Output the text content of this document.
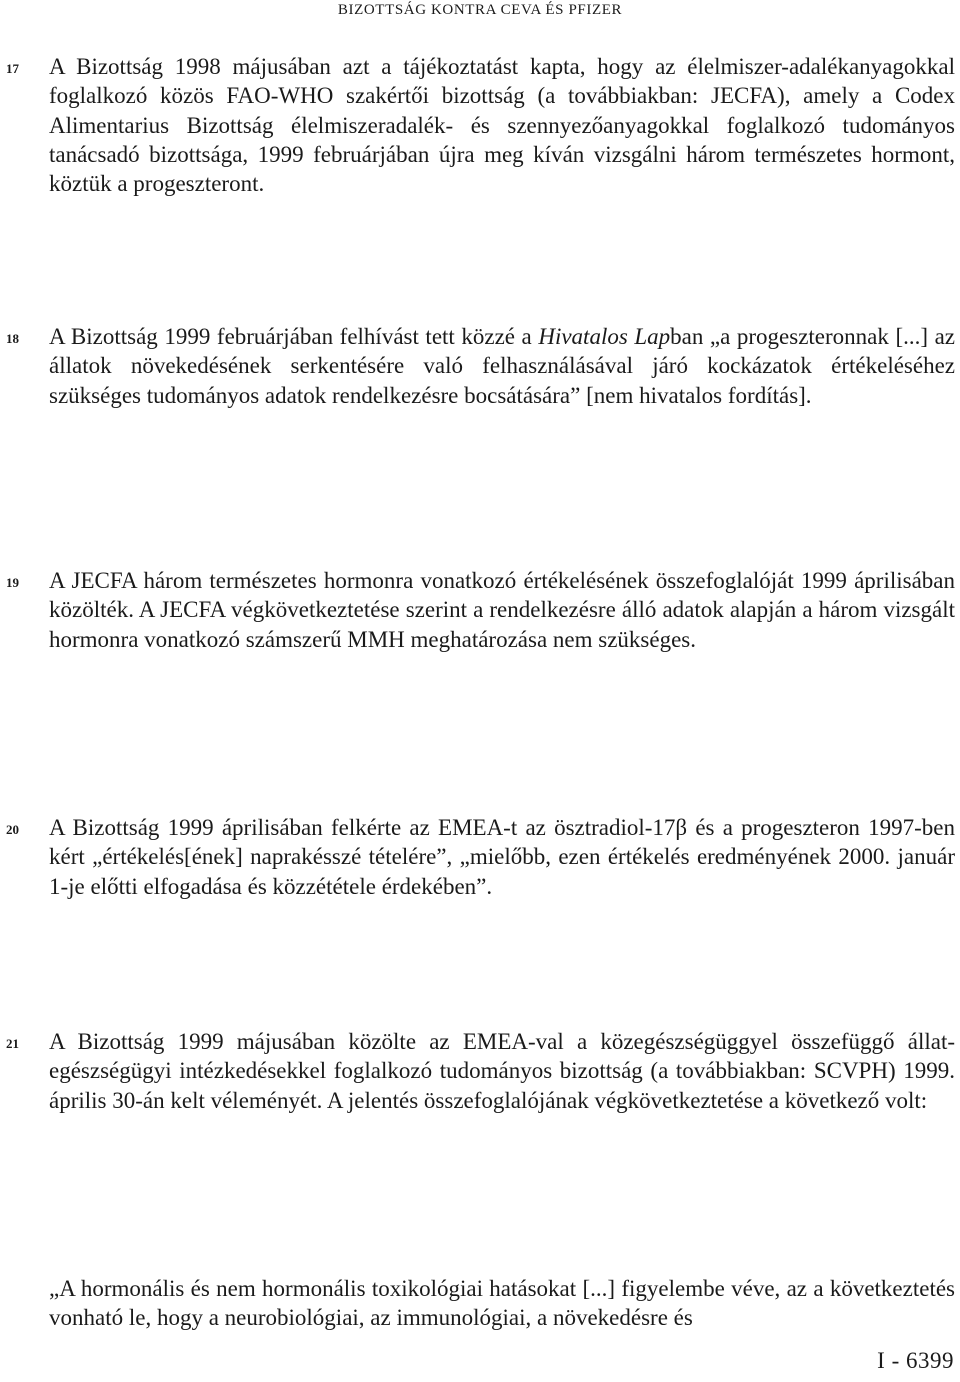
BIZOTTSÁG KONTRA CEVA ÉS PFIZER
17 A Bizottság 1998 májusában azt a tájékoztatást kapta, hogy az élelmiszer-adalékanyagokkal foglalkozó közös FAO-WHO szakértői bizottság (a továbbiakban: JECFA), amely a Codex Alimentarius Bizottság élelmiszeradalék- és szennyezőanyagokkal foglalkozó tudományos tanácsadó bizottsága, 1999 februárjában újra meg kíván vizsgálni három természetes hormont, köztük a progeszteront.
18 A Bizottság 1999 februárjában felhívást tett közzé a Hivatalos Lapban „a progeszteronnak [...] az állatok növekedésének serkentésére való felhasználásával járó kockázatok értékeléséhez szükséges tudományos adatok rendelkezésre bocsátására” [nem hivatalos fordítás].
19 A JECFA három természetes hormonra vonatkozó értékelésének összefoglalóját 1999 áprilisában közölték. A JECFA végkövetkeztetése szerint a rendelkezésre álló adatok alapján a három vizsgált hormonra vonatkozó számszerű MMH meghatározása nem szükséges.
20 A Bizottság 1999 áprilisában felkérte az EMEA-t az ösztradiol-17β és a progeszteron 1997-ben kért „értékelés[ének] naprakésszé tételére”, „mielőbb, ezen értékelés eredményének 2000. január 1-je előtti elfogadása és közzététele érdekében”.
21 A Bizottság 1999 májusában közölte az EMEA-val a közegészségüggyel összefüggő állat-egészségügyi intézkedésekkel foglalkozó tudományos bizottság (a továbbiakban: SCVPH) 1999. április 30-án kelt véleményét. A jelentés összefoglalójának végkövetkeztetése a következő volt:
„A hormonális és nem hormonális toxikológiai hatásokat [...] figyelembe véve, az a következtetés vonható le, hogy a neurobiológiai, az immunológiai, a növekedésre és
I - 6399
